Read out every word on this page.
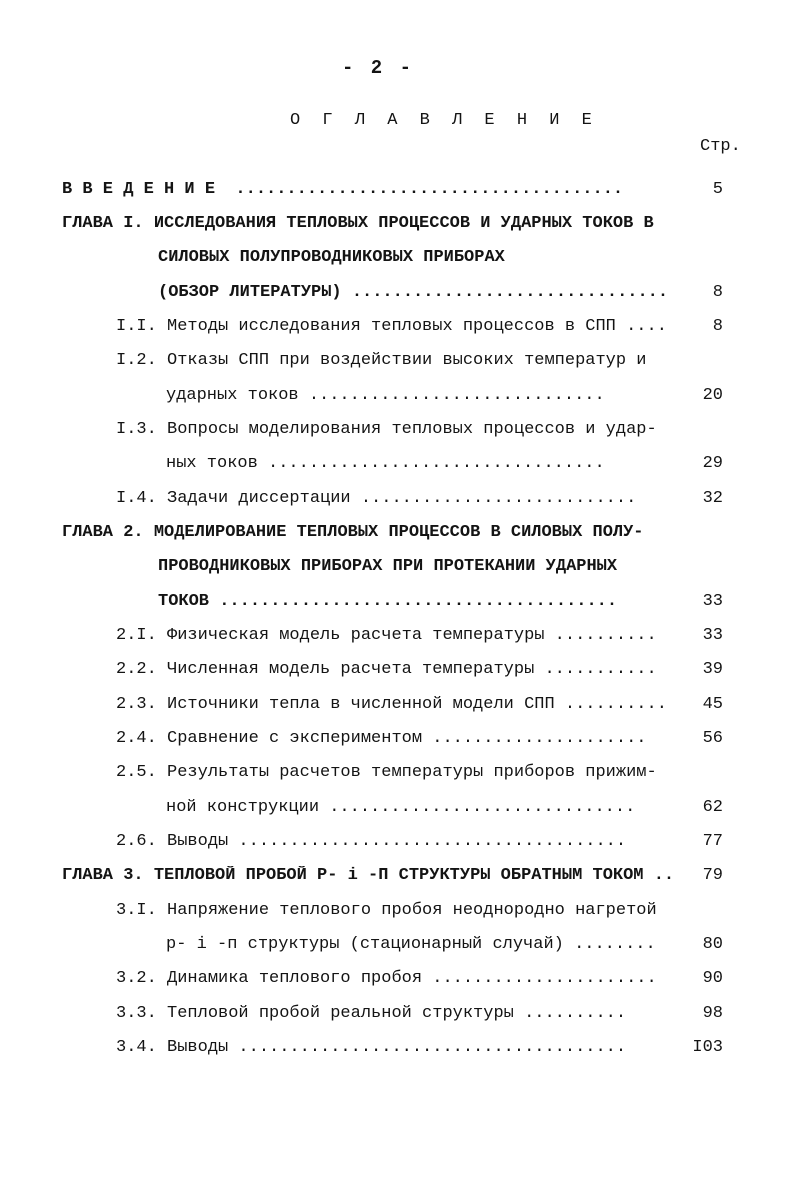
- 2 -
О Г Л А В Л Е Н И Е
Стр.
В В Е Д Е Н И Е  ......................................	5
ГЛАВА I. ИССЛЕДОВАНИЯ ТЕПЛОВЫХ ПРОЦЕССОВ И УДАРНЫХ ТОКОВ В
СИЛОВЫХ ПОЛУПРОВОДНИКОВЫХ ПРИБОРАХ
(ОБЗОР ЛИТЕРАТУРЫ) ...............................	8
I.I. Методы исследования тепловых процессов в СПП ....	8
I.2. Отказы СПП при воздействии высоких температур и
ударных токов .............................	20
I.3. Вопросы моделирования тепловых процессов и удар-
ных токов .................................	29
I.4. Задачи диссертации ...........................	32
ГЛАВА 2. МОДЕЛИРОВАНИЕ ТЕПЛОВЫХ ПРОЦЕССОВ В СИЛОВЫХ ПОЛУ-
ПРОВОДНИКОВЫХ ПРИБОРАХ ПРИ ПРОТЕКАНИИ УДАРНЫХ
ТОКОВ .......................................	33
2.I. Физическая модель расчета температуры ..........	33
2.2. Численная модель расчета температуры ...........	39
2.3. Источники тепла в численной модели СПП ..........	45
2.4. Сравнение с экспериментом .....................	56
2.5. Результаты расчетов температуры приборов прижим-
ной конструкции ..............................	62
2.6. Выводы ......................................	77
ГЛАВА 3. ТЕПЛОВОЙ ПРОБОЙ Р- і -П СТРУКТУРЫ ОБРАТНЫМ ТОКОМ ..	79
3.I. Напряжение теплового пробоя неоднородно нагретой
р- і -п структуры (стационарный случай) ........	80
3.2. Динамика теплового пробоя ......................	90
3.3. Тепловой пробой реальной структуры ..........	98
3.4. Выводы ......................................	I03
